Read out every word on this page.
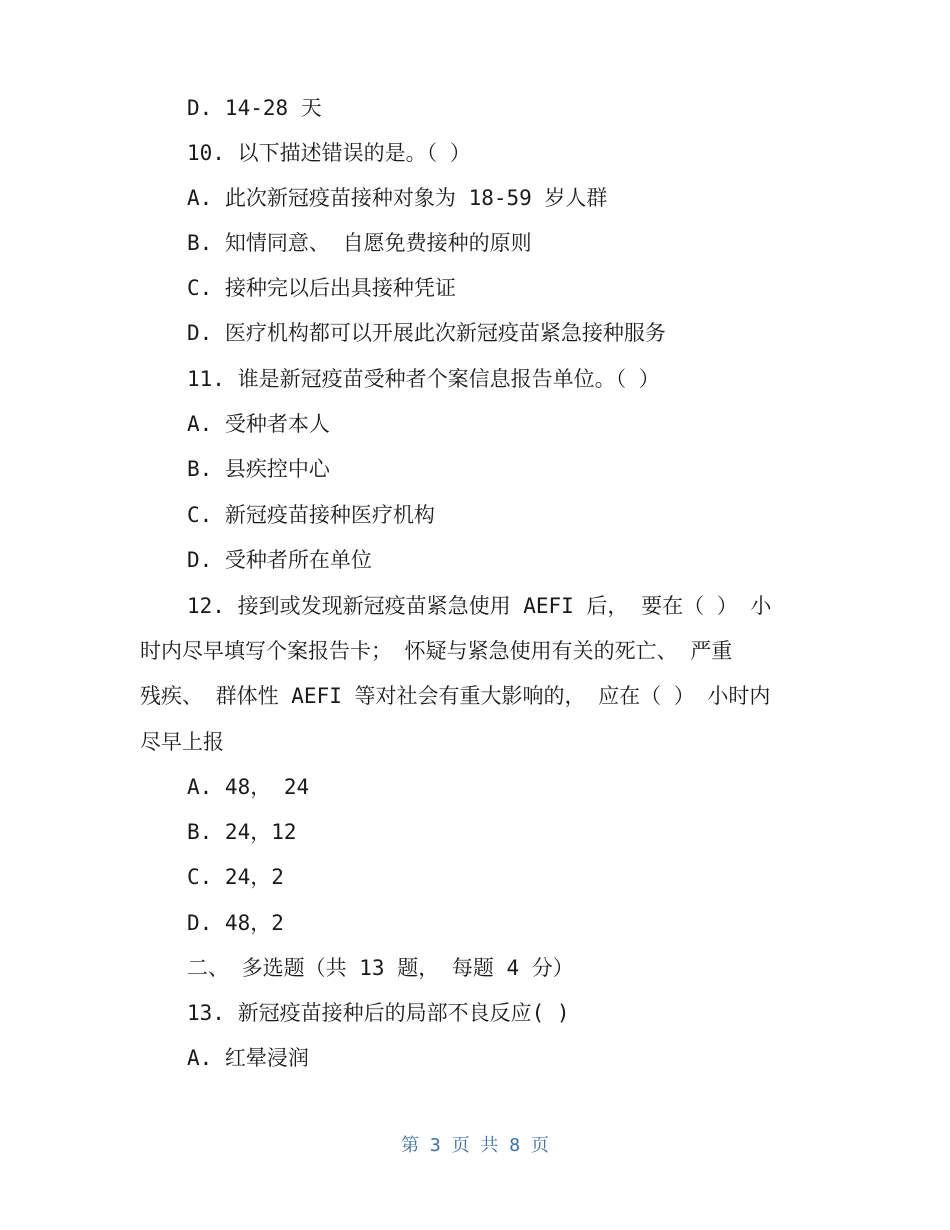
D. 14-28 天
10. 以下描述错误的是。（ ）
A. 此次新冠疫苗接种对象为 18-59 岁人群
B. 知情同意、 自愿免费接种的原则
C. 接种完以后出具接种凭证
D. 医疗机构都可以开展此次新冠疫苗紧急接种服务
11. 谁是新冠疫苗受种者个案信息报告单位。（ ）
A. 受种者本人
B. 县疾控中心
C. 新冠疫苗接种医疗机构
D. 受种者所在单位
12. 接到或发现新冠疫苗紧急使用 AEFI 后， 要在（ ） 小
时内尽早填写个案报告卡； 怀疑与紧急使用有关的死亡、 严重
残疾、 群体性 AEFI 等对社会有重大影响的， 应在（ ） 小时内
尽早上报
A. 48， 24
B. 24，12
C. 24，2
D. 48，2
二、 多选题（共 13 题， 每题 4 分）
13. 新冠疫苗接种后的局部不良反应( )
A. 红晕浸润
第 3 页 共 8 页
